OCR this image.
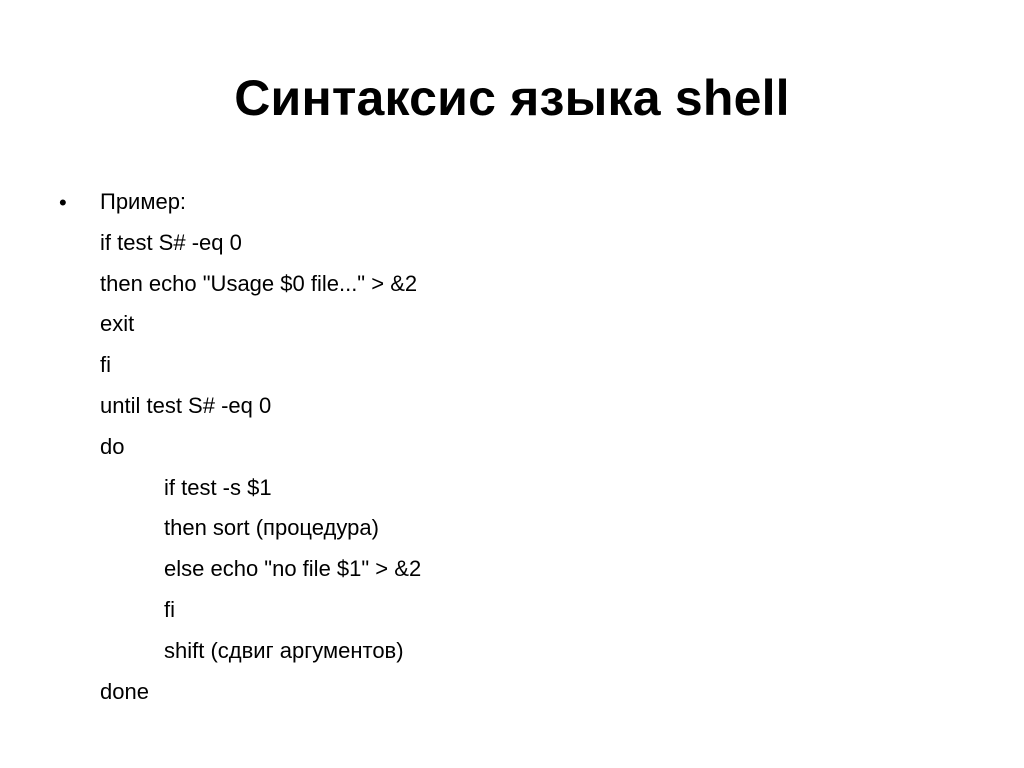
Синтаксис языка shell
• Пример:
if test S# -eq 0
then echo "Usage $0 file..." > &2
exit
fi
until test S# -eq 0
do
if test -s $1
then sort (процедура)
else echo "no file $1" > &2
fi
shift (сдвиг аргументов)
done
